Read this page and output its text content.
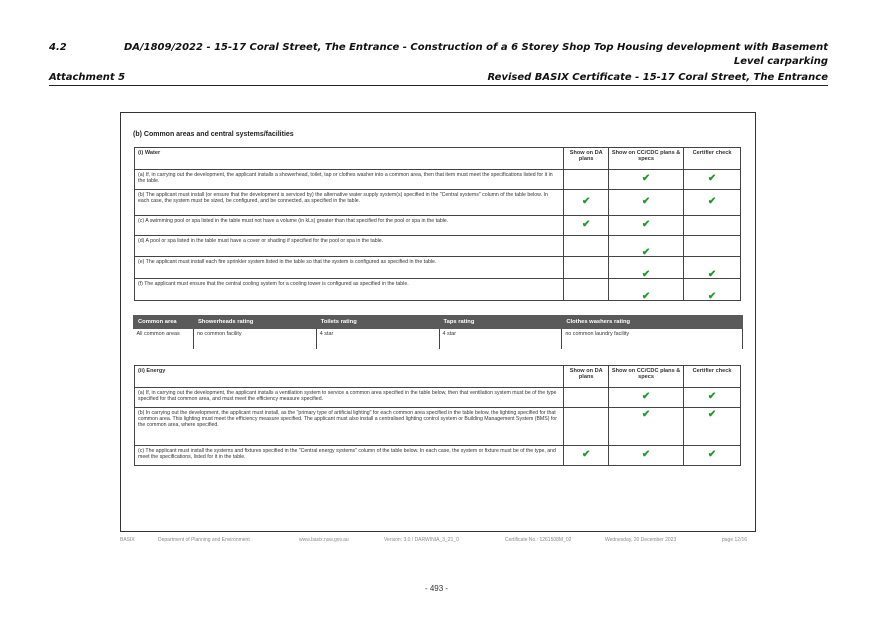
4.2	DA/1809/2022 - 15-17 Coral Street, The Entrance - Construction of a 6 Storey Shop Top Housing development with Basement
Level carparking
Attachment 5	Revised BASIX Certificate - 15-17 Coral Street, The Entrance
(b) Common areas and central systems/facilities
(i) Water	Show on DA plans	Show on CC/CDC plans & specs	Certifier check
(a) If, in carrying out the development, the applicant installs a showerhead, toilet, tap or clothes washer into a common area, then that item must meet the specifications listed for it in the table.		✔	✔
(b) The applicant must install (or ensure that the development is serviced by) the alternative water supply system(s) specified in the "Central systems" column of the table below. In each case, the system must be sized, be configured, and be connected, as specified in the table.	✔	✔	✔
(c) A swimming pool or spa listed in the table must not have a volume (in kLs) greater than that specified for the pool or spa in the table.	✔	✔	
(d) A pool or spa listed in the table must have a cover or shading if specified for the pool or spa in the table.		✔	
(e) The applicant must install each fire sprinkler system listed in the table so that the system is configured as specified in the table.		✔	✔
(f) The applicant must ensure that the central cooling system for a cooling tower is configured as specified in the table.		✔	✔
Common area	Showerheads rating	Toilets rating	Taps rating	Clothes washers rating
All common areas	no common facility	4 star	4 star	no common laundry facility
(ii) Energy	Show on DA plans	Show on CC/CDC plans & specs	Certifier check
(a) If, in carrying out the development, the applicant installs a ventilation system to service a common area specified in the table below, then that ventilation system must be of the type specified for that common area, and must meet the efficiency measure specified.		✔	✔
(b) In carrying out the development, the applicant must install, as the "primary type of artificial lighting" for each common area specified in the table below, the lighting specified for that common area. This lighting must meet the efficiency measure specified. The applicant must also install a centralised lighting control system or Building Management System (BMS) for the common area, where specified.		✔	✔
(c) The applicant must install the systems and fixtures specified in the "Central energy systems" column of the table below. In each case, the system or fixture must be of the type, and meet the specifications, listed for it in the table.	✔	✔	✔
BASIX	Department of Planning and Environment	www.basix.nsw.gov.au	Version: 3.0 / DARWINIA_3_21_0	Certificate No.: 1261508M_02	Wednesday, 20 December 2023	page 12/16
- 493 -
